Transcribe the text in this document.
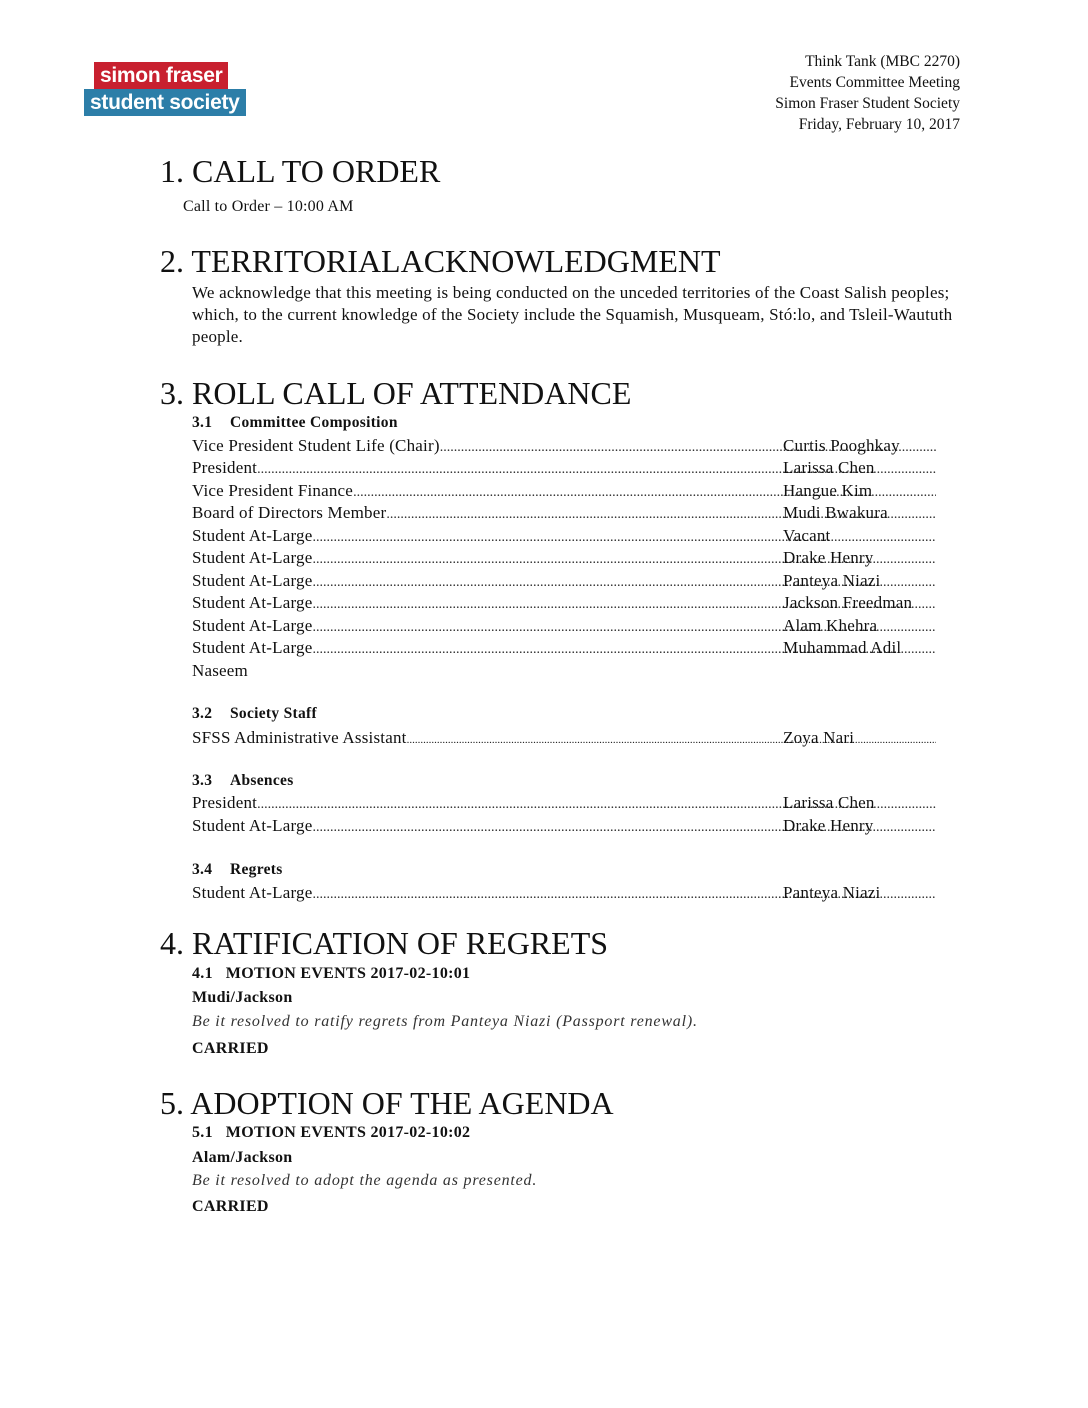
simon fraser
student society
Think Tank (MBC 2270)
Events Committee Meeting
Simon Fraser Student Society
Friday, February 10, 2017
1. CALL TO ORDER
Call to Order – 10:00 AM
2. TERRITORIALACKNOWLEDGMENT
We acknowledge that this meeting is being conducted on the unceded territories of the Coast Salish peoples; which, to the current knowledge of the Society include the Squamish, Musqueam, Stó:lo, and Tsleil-Waututh people.
3. ROLL CALL OF ATTENDANCE
3.1 Committee Composition
Vice President Student Life (Chair) .....	Curtis Pooghkay
President .....	Larissa Chen
Vice President Finance .....	Hangue Kim
Board of Directors Member .....	Mudi Bwakura
Student At-Large .....	Vacant
Student At-Large .....	Drake Henry
Student At-Large .....	Panteya Niazi
Student At-Large .....	Jackson Freedman
Student At-Large .....	Alam Khehra
Student At-Large .....	Muhammad Adil
Naseem
3.2 Society Staff
SFSS Administrative Assistant .....	Zoya Nari
3.3 Absences
President .....	Larissa Chen
Student At-Large .....	Drake Henry
3.4 Regrets
Student At-Large .....	Panteya Niazi
4. RATIFICATION OF REGRETS
4.1   MOTION EVENTS 2017-02-10:01
Mudi/Jackson
Be it resolved to ratify regrets from Panteya Niazi (Passport renewal).
CARRIED
5. ADOPTION OF THE AGENDA
5.1   MOTION EVENTS 2017-02-10:02
Alam/Jackson
Be it resolved to adopt the agenda as presented.
CARRIED
